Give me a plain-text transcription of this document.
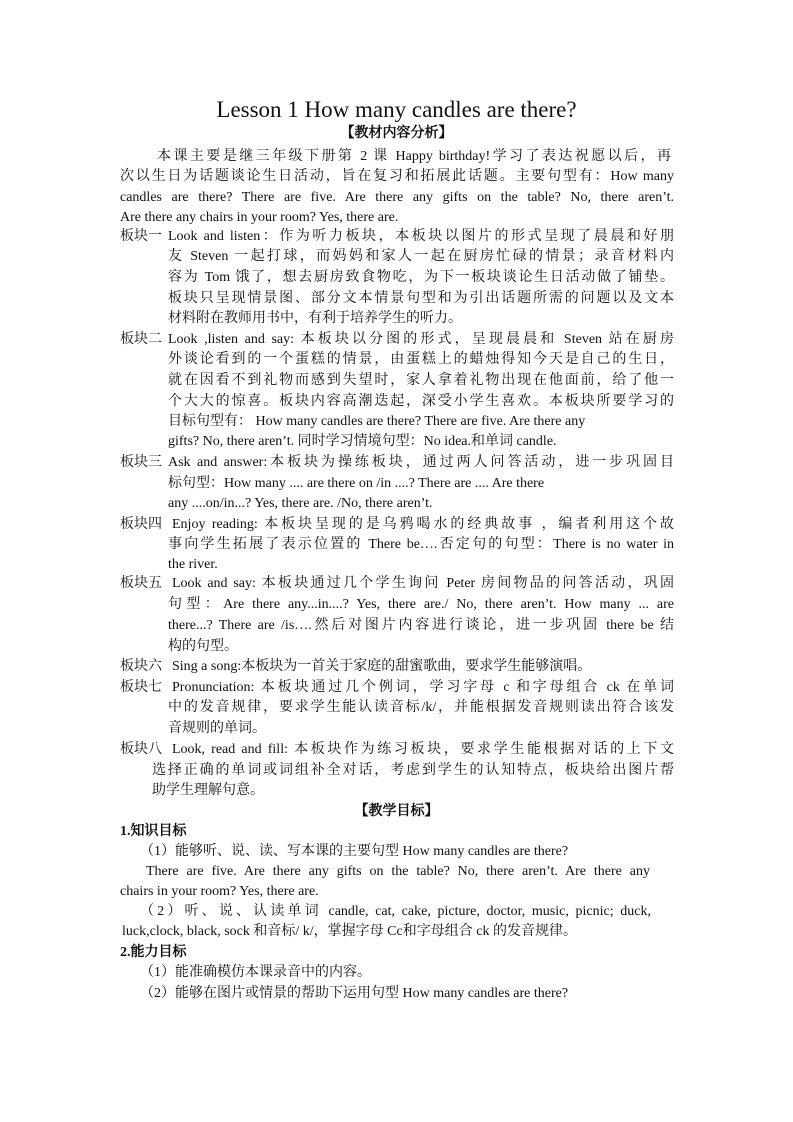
Lesson 1 How many candles are there?
【教材内容分析】
本课主要是继三年级下册第 2 课 Happy birthday!学习了表达祝愿以后，再
次以生日为话题谈论生日活动，旨在复习和拓展此话题。主要句型有：How many
candles are there? There are five. Are there any gifts on the table? No, there aren’t.
Are there any chairs in your room? Yes, there are.
板块一 Look and listen：作为听力板块，本板块以图片的形式呈现了晨晨和好朋
友 Steven 一起打球，而妈妈和家人一起在厨房忙碌的情景；录音材料内
容为 Tom 饿了，想去厨房致食物吃，为下一板块谈论生日活动做了铺垫。
板块只呈现情景图、部分文本情景句型和为引出话题所需的问题以及文本
材料附在教师用书中，有利于培养学生的听力。
板块二 Look ,listen and say: 本板块以分图的形式，呈现晨晨和 Steven 站在厨房
外谈论看到的一个蛋糕的情景，由蛋糕上的蜡烛得知今天是自己的生日，
就在因看不到礼物而感到失望时，家人拿着礼物出现在他面前，给了他一
个大大的惊喜。板块内容高潮迭起，深受小学生喜欢。本板块所要学习的
目标句型有： How many candles are there? There are five. Are there any
gifts? No, there aren’t. 同时学习情境句型：No idea.和单词 candle.
板块三 Ask and answer:本板块为操练板块，通过两人问答活动，进一步巩固目
标句型：How many .... are there on /in ....? There are .... Are there
any ....on/in...? Yes, there are. /No, there aren’t.
板块四 Enjoy reading: 本板块呈现的是乌鸦喝水的经典故事 ，编者利用这个故
事向学生拓展了表示位置的 There be….否定句的句型：There is no water in
the river.
板块五 Look and say: 本板块通过几个学生询问 Peter 房间物品的问答活动，巩固
句型：Are there any...in....? Yes, there are./ No, there aren’t. How many ... are
there...? There are /is….然后对图片内容进行谈论，进一步巩固 there be 结
构的句型。
板块六 Sing a song:本板块为一首关于家庭的甜蜜歌曲，要求学生能够演唱。
板块七 Pronunciation: 本板块通过几个例词，学习字母 c 和字母组合 ck 在单词
中的发音规律，要求学生能认读音标/k/，并能根据发音规则读出符合该发
音规则的单词。
板块八 Look, read and fill: 本板块作为练习板块，要求学生能根据对话的上下文
选择正确的单词或词组补全对话，考虑到学生的认知特点，板块给出图片帮
助学生理解句意。
【教学目标】
1.知识目标
（1）能够听、说、读、写本课的主要句型 How many candles are there?
There are five. Are there any gifts on the table? No, there aren’t. Are there any
chairs in your room? Yes, there are.
（2）听、说、认读单词 candle, cat, cake, picture, doctor, music, picnic; duck,
luck,clock, black, sock 和音标/ k/，掌握字母 Cc和字母组合 ck 的发音规律。
2.能力目标
（1）能准确模仿本课录音中的内容。
（2）能够在图片或情景的帮助下运用句型 How many candles are there?
